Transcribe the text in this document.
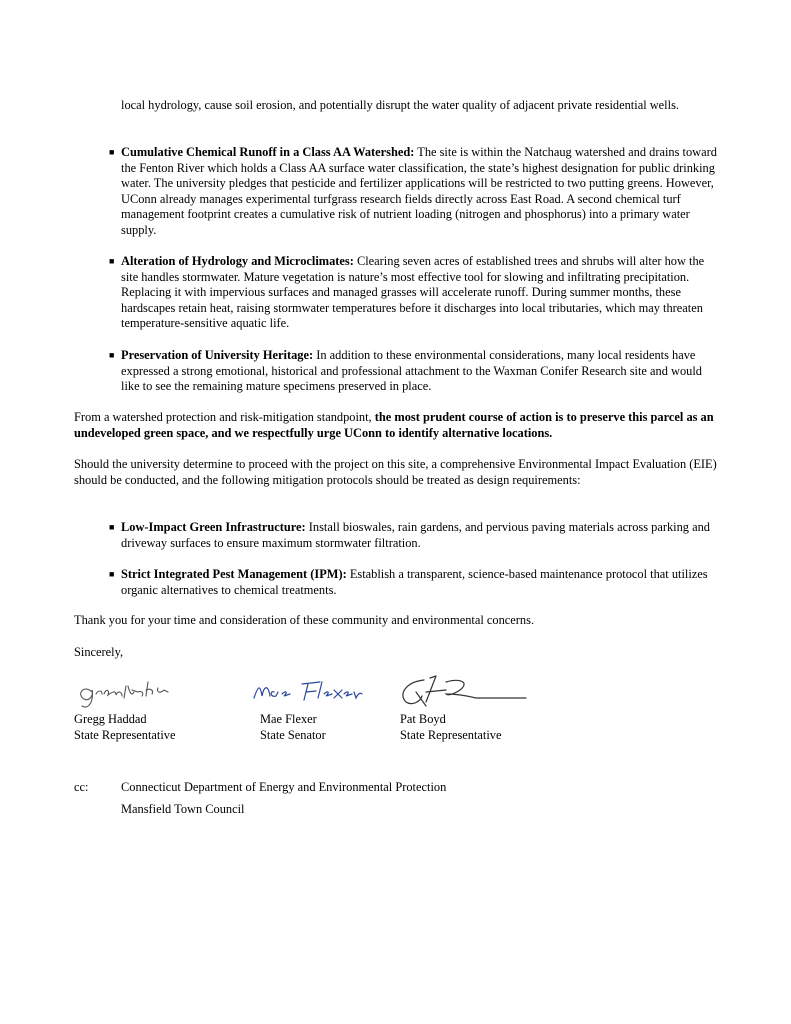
local hydrology, cause soil erosion, and potentially disrupt the water quality of adjacent private residential wells.

■ Cumulative Chemical Runoff in a Class AA Watershed: The site is within the Natchaug watershed and drains toward the Fenton River which holds a Class AA surface water classification, the state’s highest designation for public drinking water. The university pledges that pesticide and fertilizer applications will be restricted to two putting greens. However, UConn already manages experimental turfgrass research fields directly across East Road. A second chemical turf management footprint creates a cumulative risk of nutrient loading (nitrogen and phosphorus) into a primary water supply.
■ Alteration of Hydrology and Microclimates: Clearing seven acres of established trees and shrubs will alter how the site handles stormwater. Mature vegetation is nature’s most effective tool for slowing and infiltrating precipitation. Replacing it with impervious surfaces and managed grasses will accelerate runoff. During summer months, these hardscapes retain heat, raising stormwater temperatures before it discharges into local tributaries, which may threaten temperature-sensitive aquatic life.
■ Preservation of University Heritage: In addition to these environmental considerations, many local residents have expressed a strong emotional, historical and professional attachment to the Waxman Conifer Research site and would like to see the remaining mature specimens preserved in place.

From a watershed protection and risk-mitigation standpoint, the most prudent course of action is to preserve this parcel as an undeveloped green space, and we respectfully urge UConn to identify alternative locations.

Should the university determine to proceed with the project on this site, a comprehensive Environmental Impact Evaluation (EIE) should be conducted, and the following mitigation protocols should be treated as design requirements:

■ Low-Impact Green Infrastructure: Install bioswales, rain gardens, and pervious paving materials across parking and driveway surfaces to ensure maximum stormwater filtration.
■ Strict Integrated Pest Management (IPM): Establish a transparent, science-based maintenance protocol that utilizes organic alternatives to chemical treatments.

Thank you for your time and consideration of these community and environmental concerns.

Sincerely,

Gregg Haddad
State Representative
Mae Flexer
State Senator
Pat Boyd
State Representative
cc:	Connecticut Department of Energy and Environmental Protection
Mansfield Town Council
